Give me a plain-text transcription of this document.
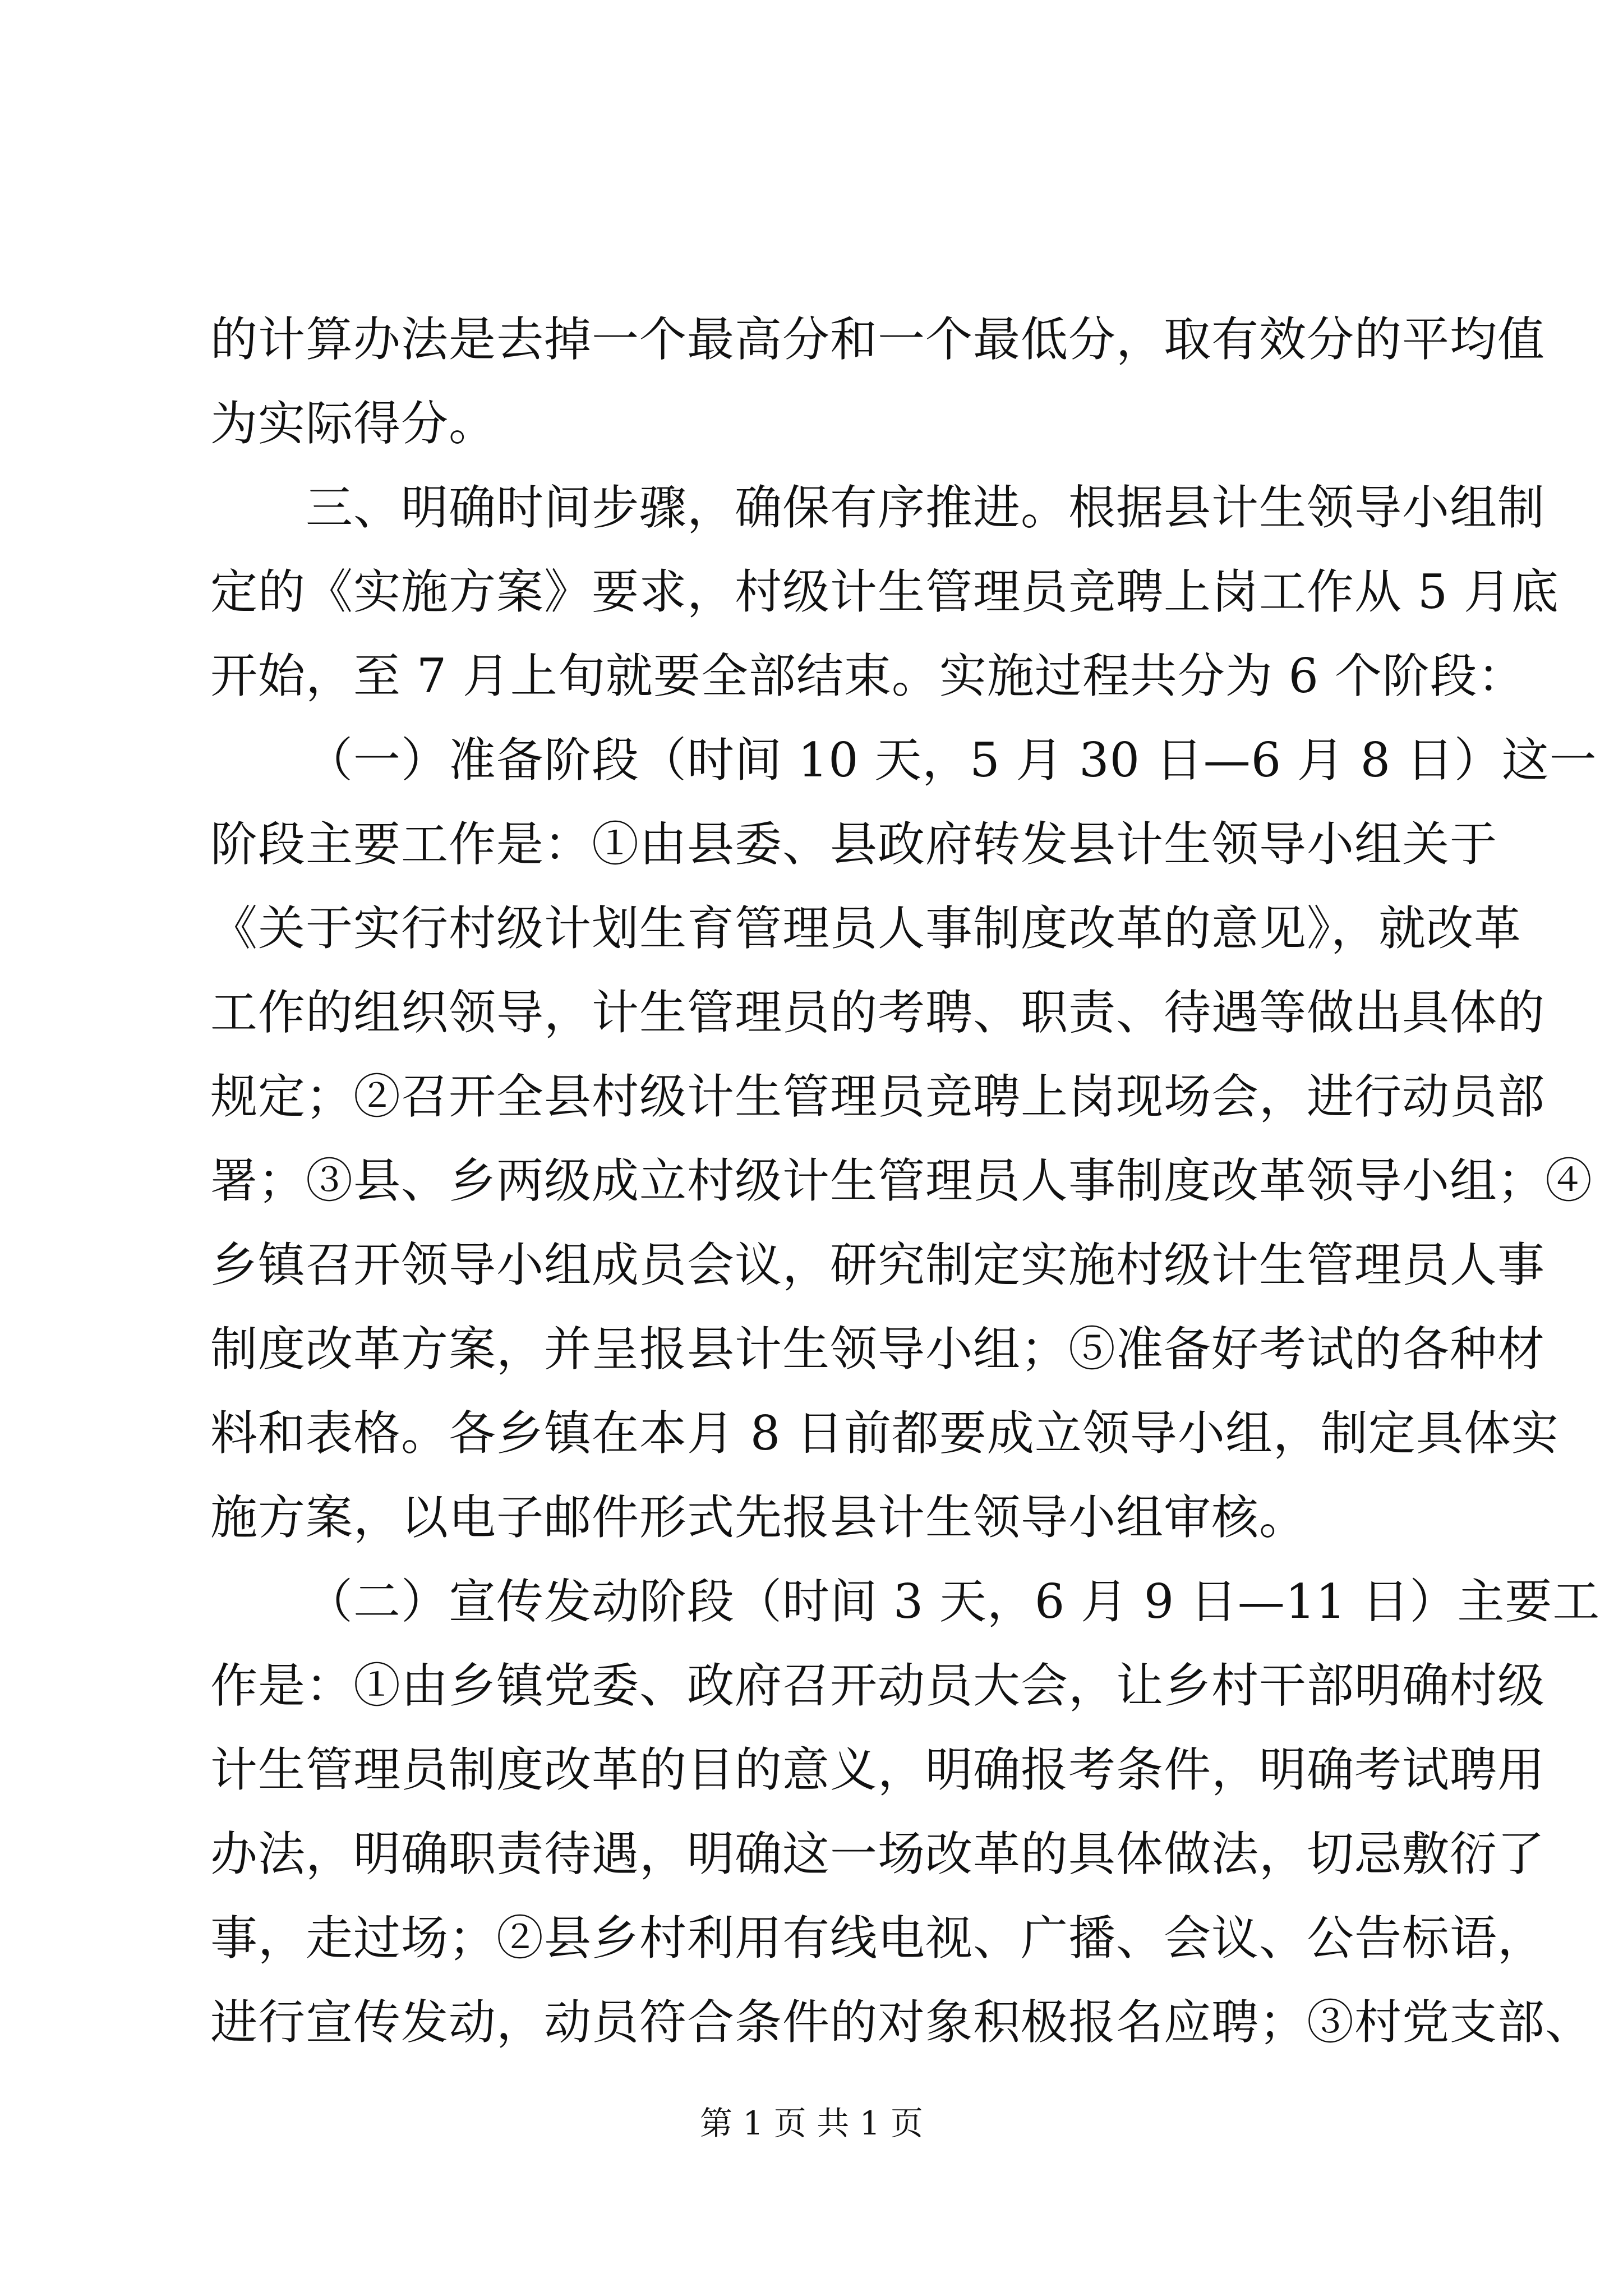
的计算办法是去掉一个最高分和一个最低分，取有效分的平均值
为实际得分。
三、明确时间步骤，确保有序推进。根据县计生领导小组制
定的《实施方案》要求，村级计生管理员竞聘上岗工作从 5 月底
开始，至 7 月上旬就要全部结束。实施过程共分为 6 个阶段：
（一）准备阶段（时间 10 天，5 月 30 日—6 月 8 日）这一
阶段主要工作是：①由县委、县政府转发县计生领导小组关于
《关于实行村级计划生育管理员人事制度改革的意见》，就改革
工作的组织领导，计生管理员的考聘、职责、待遇等做出具体的
规定；②召开全县村级计生管理员竞聘上岗现场会，进行动员部
署；③县、乡两级成立村级计生管理员人事制度改革领导小组；④
乡镇召开领导小组成员会议，研究制定实施村级计生管理员人事
制度改革方案，并呈报县计生领导小组；⑤准备好考试的各种材
料和表格。各乡镇在本月 8 日前都要成立领导小组，制定具体实
施方案，以电子邮件形式先报县计生领导小组审核。
（二）宣传发动阶段（时间 3 天，6 月 9 日—11 日）主要工
作是：①由乡镇党委、政府召开动员大会，让乡村干部明确村级
计生管理员制度改革的目的意义，明确报考条件，明确考试聘用
办法，明确职责待遇，明确这一场改革的具体做法，切忌敷衍了
事，走过场；②县乡村利用有线电视、广播、会议、公告标语，
进行宣传发动，动员符合条件的对象积极报名应聘；③村党支部、
第 1 页 共 1 页
